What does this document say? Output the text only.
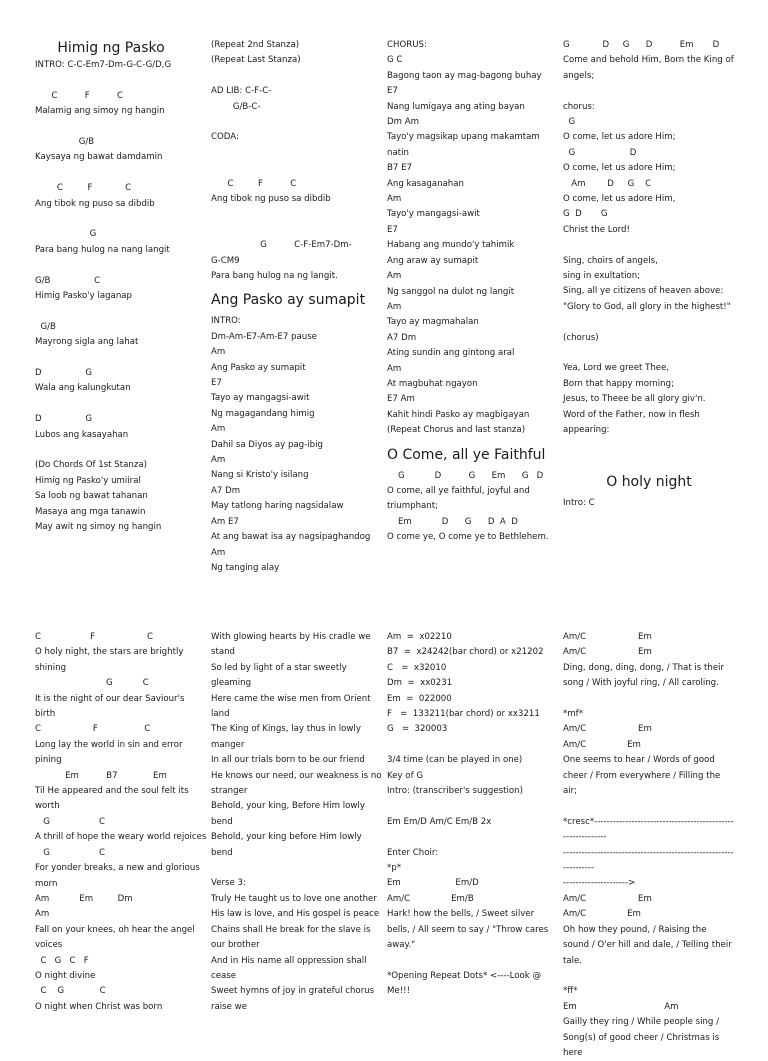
Himig ng Pasko
INTRO: C-C-Em7-Dm-G-C-G/D,G
C          F          C
Malamig ang simoy ng hangin
G/B
Kaysaya ng bawat damdamin
C         F            C
Ang tibok ng puso sa dibdib
G
Para bang hulog na nang langit
G/B                C
Himig Pasko'y laganap
G/B
Mayrong sigla ang lahat
D                G
Wala ang kalungkutan
D                G
Lubos ang kasayahan
(Do Chords Of 1st Stanza)
Himig ng Pasko'y umiiral
Sa loob ng bawat tahanan
Masaya ang mga tanawin
May awit ng simoy ng hangin
(Repeat 2nd Stanza)
(Repeat Last Stanza)
AD LIB: C-F-C-
G/B-C-
CODA:
C         F          C
Ang tibok ng puso sa dibdib
G          C-F-Em7-Dm-
G-CM9
Para bang hulog na ng langit.
Ang Pasko ay sumapit
INTRO:
Dm-Am-E7-Am-E7 pause
Am
Ang Pasko ay sumapit
E7
Tayo ay mangagsi-awit
Ng magagandang himig
Am
Dahil sa Diyos ay pag-ibig
Am
Nang si Kristo'y isilang
A7 Dm
May tatlong haring nagsidalaw
Am E7
At ang bawat isa ay nagsipaghandog
Am
Ng tanging alay
CHORUS:
G C
Bagong taon ay mag-bagong buhay
E7
Nang lumigaya ang ating bayan
Dm Am
Tayo'y magsikap upang makamtam natin
B7 E7
Ang kasaganahan
Am
Tayo'y mangagsi-awit
E7
Habang ang mundo'y tahimik
Ang araw ay sumapit
Am
Ng sanggol na dulot ng langit
Am
Tayo ay magmahalan
A7 Dm
Ating sundin ang gintong aral
Am
At magbuhat ngayon
E7 Am
Kahit hindi Pasko ay magbigayan
(Repeat Chorus and last stanza)
O Come, all ye Faithful
G           D          G      Em      G   D
O come, all ye faithful, joyful and triumphant;
Em           D      G      D  A  D
O come ye, O come ye to Bethlehem.
G            D     G      D          Em       D
Come and behold Him, Born the King of angels;
chorus:
G
O come, let us adore Him;
G                    D
O come, let us adore Him;
Am        D     G    C
O come, let us adore Him,
G  D       G
Christ the Lord!
Sing, choirs of angels,
sing in exultation;
Sing, all ye citizens of heaven above:
"Glory to God, all glory in the highest!"
(chorus)
Yea, Lord we greet Thee,
Born that happy morning;
Jesus, to Theee be all glory giv'n.
Word of the Father, now in flesh appearing:
O holy night
Intro: C
C                  F                   C
O holy night, the stars are brightly shining
G           C
It is the night of our dear Saviour's birth
C                   F                 C
Long lay the world in sin and error pining
Em          B7             Em
Til He appeared and the soul felt its worth
G                  C
A thrill of hope the weary world rejoices
G                  C
For yonder breaks, a new and glorious morn
Am           Em         Dm
Am
Fall on your knees, oh hear the angel voices
C   G   C   F
O night divine
C    G             C
O night when Christ was born
With glowing hearts by His cradle we stand
So led by light of a star sweetly gleaming
Here came the wise men from Orient land
The King of Kings, lay thus in lowly manger
In all our trials born to be our friend
He knows our need, our weakness is no stranger
Behold, your king, Before Him lowly bend
Behold, your king before Him lowly bend
Verse 3:
Truly He taught us to love one another
His law is love, and His gospel is peace
Chains shall He break for the slave is our brother
And in His name all oppression shall cease
Sweet hymns of joy in grateful chorus raise we
Am  =  x02210
B7  =  x24242(bar chord) or x21202
C   =  x32010
Dm  =  xx0231
Em  =  022000
F   =  133211(bar chord) or xx3211
G   =  320003
3/4 time (can be played in one)
Key of G
Intro: (transcriber's suggestion)
Em Em/D Am/C Em/B 2x
Enter Choir:
*p*
Em                    Em/D
Am/C               Em/B
Hark! how the bells, / Sweet silver bells, / All seem to say / "Throw cares away."
*Opening Repeat Dots* <----Look @ Me!!!
Am/C                   Em
Am/C                   Em
Ding, dong, ding, dong, / That is their song / With joyful ring, / All caroling.
*mf*
Am/C                   Em
Am/C               Em
One seems to hear / Words of good cheer / From everywhere / Filling the air;
*cresc*-----------------------------------------------------------
-----------------------------------------------------------------
--------------------->
Am/C                   Em
Am/C               Em
Oh how they pound, / Raising the sound / O'er hill and dale, / Telling their tale.
*ff*
Em                                Am
Gailly they ring / While people sing / Song(s) of good cheer / Christmas is here
